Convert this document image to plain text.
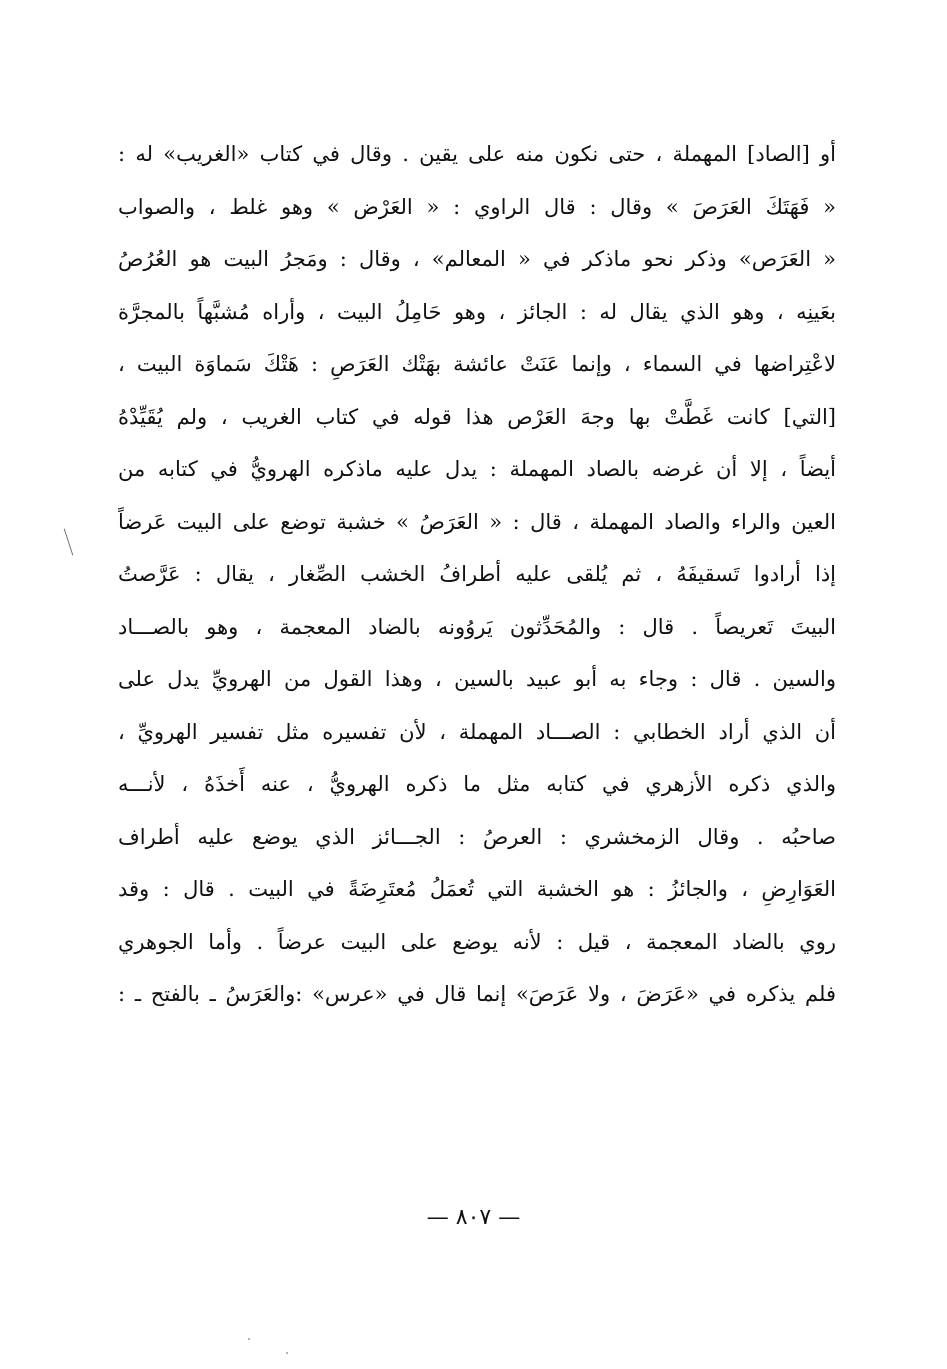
أو [الصاد] المهملة ، حتى نكون منه على يقين . وقال في كتاب «الغريب» له :
« فَهَتَكَ العَرَصَ » وقال : قال الراوي : « العَرْض » وهو غلط ، والصواب
« العَرَص» وذكر نحو ماذكر في « المعالم» ، وقال : ومَجرُ البيت هو العُرُصُ
بعَينِه ، وهو الذي يقال له : الجائز ، وهو حَامِلُ البيت ، وأراه مُشبَّهاً بالمجرَّة
لاعْتِراضها في السماء ، وإنما عَنَتْ عائشة بهَتْك العَرَصِ : هَتْكَ سَماوَة البيت ،
[التي] كانت غَطَّتْ بها وجهَ العَرْص هذا قوله في كتاب الغريب ، ولم يُقَيِّدْهُ
أيضاً ، إلا أن غرضه بالصاد المهملة : يدل عليه ماذكره الهرويُّ في كتابه من
العين والراء والصاد المهملة ، قال : « العَرَصُ » خشبة توضع على البيت عَرضاً
إذا أرادوا تَسقيفَهُ ، ثم يُلقى عليه أطرافُ الخشب الصِّغار ، يقال : عَرَّصتُ
البيتَ تَعريصاً . قال : والمُحَدِّثون يَروُونه بالضاد المعجمة ، وهو بالصـــاد
والسين . قال : وجاء به أبو عبيد بالسين ، وهذا القول من الهرويِّ يدل على
أن الذي أراد الخطابي : الصـــاد المهملة ، لأن تفسيره مثل تفسير الهرويِّ ،
والذي ذكره الأزهري في كتابه مثل ما ذكره الهرويُّ ، عنه أَخذَهُ ، لأنـــه
صاحبُه . وقال الزمخشري : العرصُ : الجـــائز الذي يوضع عليه أطراف
العَوَارِضِ ، والجائزُ : هو الخشبة التي تُعمَلُ مُعتَرِضَةً في البيت . قال : وقد
روي بالضاد المعجمة ، قيل : لأنه يوضع على البيت عرضاً . وأما الجوهري
فلم يذكره في «عَرَضَ ، ولا عَرَصَ» إنما قال في «عرس» :والعَرَسُ ـ بالفتح ـ :
— ٨٠٧ —
